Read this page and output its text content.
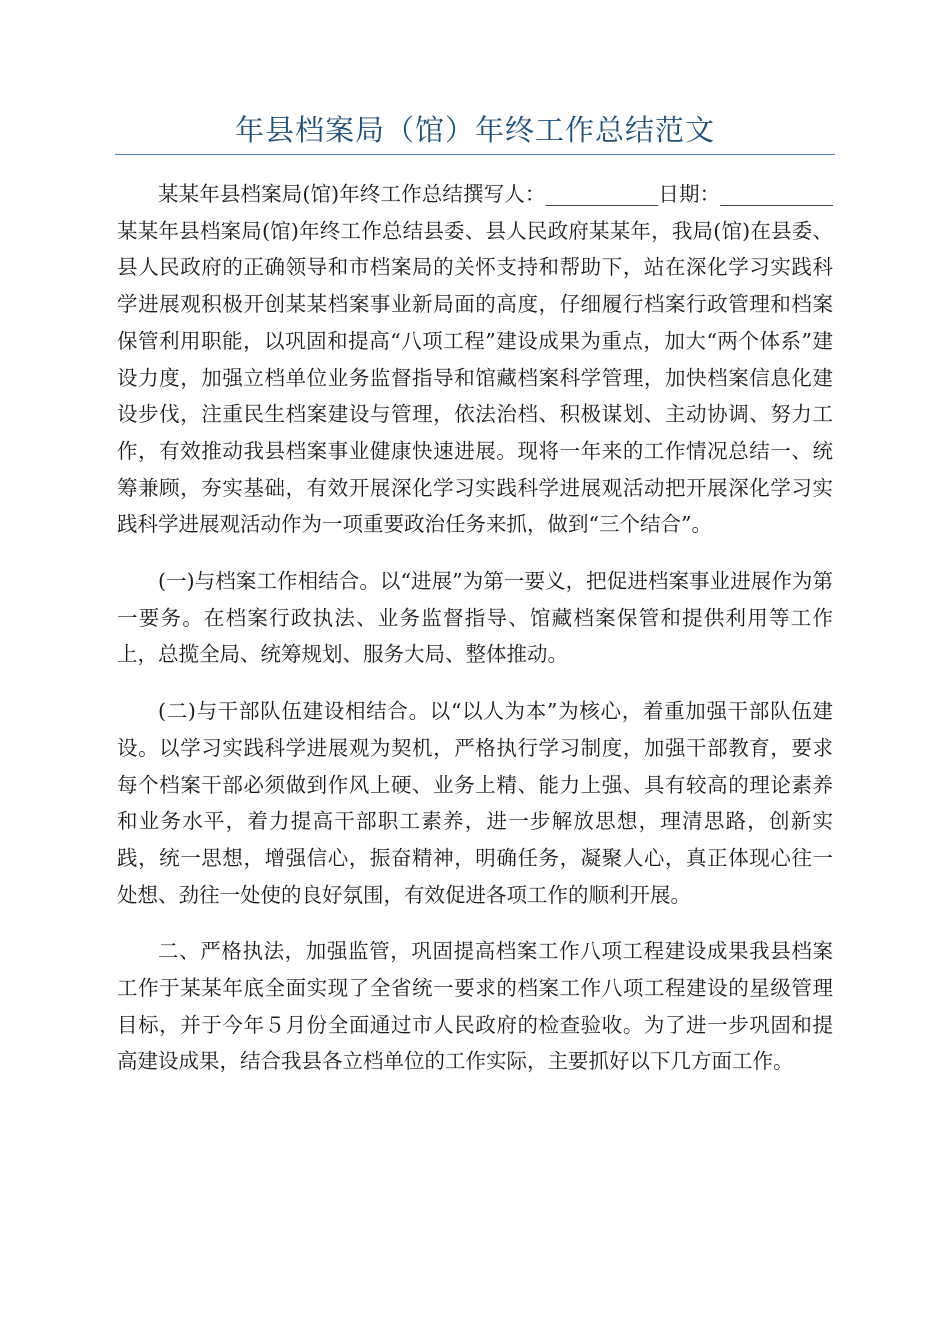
年县档案局（馆）年终工作总结范文

某某年县档案局(馆)年终工作总结撰写人：___________日期：___________某某年县档案局(馆)年终工作总结县委、县人民政府某某年，我局(馆)在县委、县人民政府的正确领导和市档案局的关怀支持和帮助下，站在深化学习实践科学进展观积极开创某某档案事业新局面的高度，仔细履行档案行政管理和档案保管利用职能，以巩固和提高“八项工程”建设成果为重点，加大“两个体系”建设力度，加强立档单位业务监督指导和馆藏档案科学管理，加快档案信息化建设步伐，注重民生档案建设与管理，依法治档、积极谋划、主动协调、努力工作，有效推动我县档案事业健康快速进展。现将一年来的工作情况总结一、统筹兼顾，夯实基础，有效开展深化学习实践科学进展观活动把开展深化学习实践科学进展观活动作为一项重要政治任务来抓，做到“三个结合”。

(一)与档案工作相结合。以“进展”为第一要义，把促进档案事业进展作为第一要务。在档案行政执法、业务监督指导、馆藏档案保管和提供利用等工作上，总揽全局、统筹规划、服务大局、整体推动。

(二)与干部队伍建设相结合。以“以人为本”为核心，着重加强干部队伍建设。以学习实践科学进展观为契机，严格执行学习制度，加强干部教育，要求每个档案干部必须做到作风上硬、业务上精、能力上强、具有较高的理论素养和业务水平，着力提高干部职工素养，进一步解放思想，理清思路，创新实践，统一思想，增强信心，振奋精神，明确任务，凝聚人心，真正体现心往一处想、劲往一处使的良好氛围，有效促进各项工作的顺利开展。

二、严格执法，加强监管，巩固提高档案工作八项工程建设成果我县档案工作于某某年底全面实现了全省统一要求的档案工作八项工程建设的星级管理目标，并于今年５月份全面通过市人民政府的检查验收。为了进一步巩固和提高建设成果，结合我县各立档单位的工作实际，主要抓好以下几方面工作。
